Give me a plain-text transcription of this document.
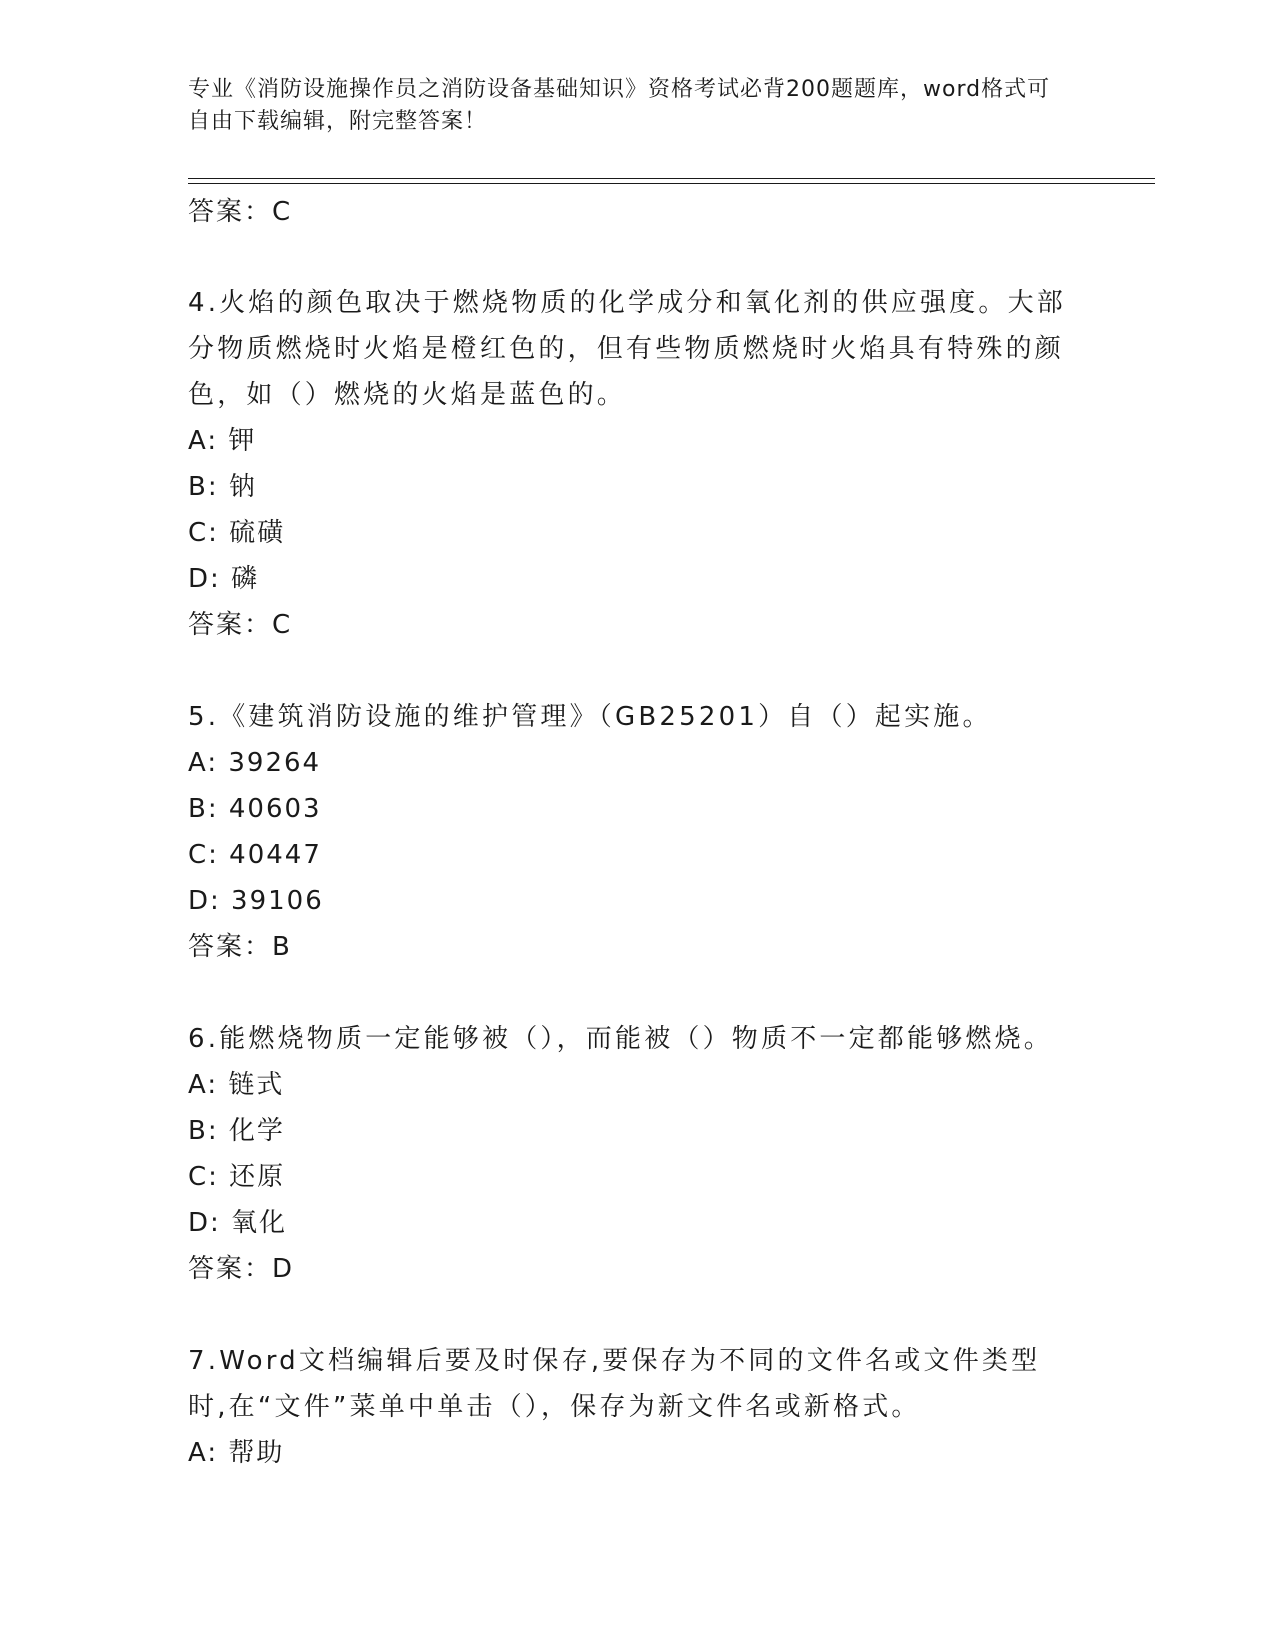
专业《消防设施操作员之消防设备基础知识》资格考试必背200题题库，word格式可自由下载编辑，附完整答案！

答案：C

4.火焰的颜色取决于燃烧物质的化学成分和氧化剂的供应强度。大部分物质燃烧时火焰是橙红色的，但有些物质燃烧时火焰具有特殊的颜色，如（）燃烧的火焰是蓝色的。

A: 钾

B: 钠

C: 硫磺

D: 磷

答案：C

5.《建筑消防设施的维护管理》（GB25201）自（）起实施。

A: 39264

B: 40603

C: 40447

D: 39106

答案：B

6.能燃烧物质一定能够被（），而能被（）物质不一定都能够燃烧。

A: 链式

B: 化学

C: 还原

D: 氧化

答案：D

7.Word文档编辑后要及时保存,要保存为不同的文件名或文件类型时,在“文件”菜单中单击（），保存为新文件名或新格式。

A: 帮助
